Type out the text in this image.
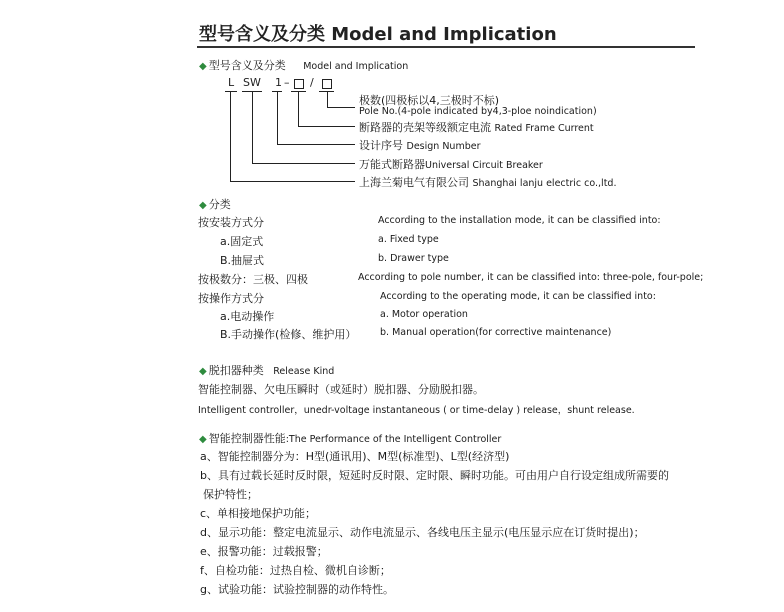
型号含义及分类 Model and Implication
◆ 型号含义及分类 Model and Implication
L SW 1 – /
极数(四极标以4,三极时不标)
Pole No.(4-pole indicated by4,3-ploe noindication)
断路器的壳架等级额定电流 Rated Frame Current
设计序号 Design Number
万能式断路器Universal Circuit Breaker
上海兰菊电气有限公司 Shanghai lanju electric co.,ltd.
◆ 分类
按安装方式分	According to the installation mode, it can be classified into:
a.固定式	a. Fixed type
B.抽屉式	b. Drawer type
按极数分：三极、四极	According to pole number, it can be classified into: three-pole, four-pole;
按操作方式分	According to the operating mode, it can be classified into:
a.电动操作	a. Motor operation
B.手动操作(检修、维护用） b. Manual operation(for corrective maintenance)
◆ 脱扣器种类 Release Kind
智能控制器、欠电压瞬时（或延时）脱扣器、分励脱扣器。
Intelligent controller，unedr-voltage instantaneous ( or time-delay ) release，shunt release.
◆ 智能控制器性能:The Performance of the Intelligent Controller
a、智能控制器分为：H型(通讯用)、M型(标准型)、L型(经济型)
b、具有过载长延时反时限，短延时反时限、定时限、瞬时功能。可由用户自行设定组成所需要的
保护特性；
c、单相接地保护功能；
d、显示功能：整定电流显示、动作电流显示、各线电压主显示(电压显示应在订货时提出)；
e、报警功能：过载报警；
f、自检功能：过热自检、微机自诊断；
g、试验功能：试验控制器的动作特性。
